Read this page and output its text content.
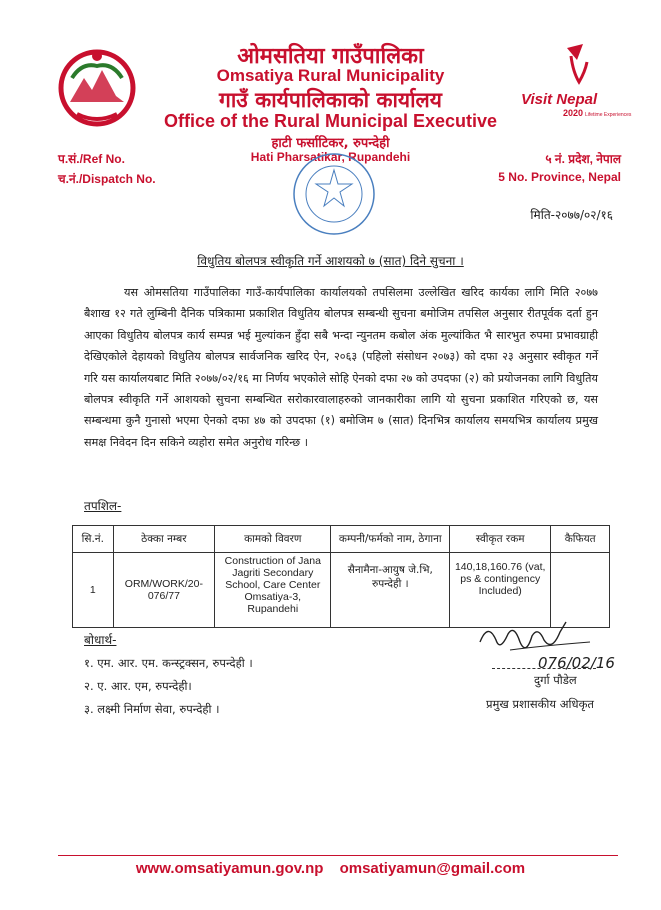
Visit Nepal
2020 Lifetime Experiences
ओमसतिया गाउँपालिका
Omsatiya Rural Municipality
गाउँ कार्यपालिकाको कार्यालय
Office of the Rural Municipal Executive
हाटी फर्साटिकर, रुपन्देही
Hati Pharsatikar, Rupandehi
प.सं./Ref No.
च.नं./Dispatch No.
५ नं. प्रदेश, नेपाल
5 No. Province, Nepal
मिति-२०७७/०२/१६
विधुतिय बोलपत्र स्वीकृति गर्ने आशयको ७ (सात) दिने सुचना ।
यस ओमसतिया गाउँपालिका गाउँ-कार्यपालिका कार्यालयको तपसिलमा उल्लेखित खरिद कार्यका लागि मिति २०७७ बैशाख १२ गते लुम्बिनी दैनिक पत्रिकामा प्रकाशित विधुतिय बोलपत्र सम्बन्धी सुचना बमोजिम तपसिल अनुसार रीतपूर्वक दर्ता हुन आएका विधुतिय बोलपत्र कार्य सम्पन्न भई मुल्यांकन हुँदा सबै भन्दा न्युनतम कबोल अंक मुल्यांकित भै सारभुत रुपमा प्रभावग्राही देखिएकोले देहायको विधुतिय बोलपत्र सार्वजनिक खरिद ऐन, २०६३ (पहिलो संसोधन २०७३) को दफा २३ अनुसार स्वीकृत गर्ने गरि यस कार्यालयबाट मिति २०७७/०२/१६ मा निर्णय भएकोले सोहि ऐनको दफा २७ को उपदफा (२) को प्रयोजनका लागि विधुतिय बोलपत्र स्वीकृति गर्ने आशयको सुचना सम्बन्धित सरोकारवालाहरुको जानकारीका लागि यो सुचना प्रकाशित गरिएको छ, यस सम्बन्धमा कुनै गुनासो भएमा ऐनको दफा ४७ को उपदफा (१) बमोजिम ७ (सात) दिनभित्र कार्यालय समयभित्र कार्यालय प्रमुख समक्ष निवेदन दिन सकिने व्यहोरा समेत अनुरोध गरिन्छ ।
तपशिल-
सि.नं.	ठेक्का नम्बर	कामको विवरण	कम्पनी/फर्मको नाम, ठेगाना	स्वीकृत रकम	कैफियत
1	ORM/WORK/20-076/77	Construction of Jana Jagriti Secondary School, Care Center Omsatiya-3, Rupandehi	सैनामैना-आयुष जे.भि, रुपन्देही ।	140,18,160.76 (vat, ps & contingency Included)	
बोधार्थ-
१. एम. आर. एम. कन्स्ट्रक्सन, रुपन्देही ।
२. ए. आर. एम, रुपन्देही।
३. लक्ष्मी निर्माण सेवा, रुपन्देही ।
076/02/16
दुर्गा पौडेल
प्रमुख प्रशासकीय अधिकृत
www.omsatiyamun.gov.np omsatiyamun@gmail.com
